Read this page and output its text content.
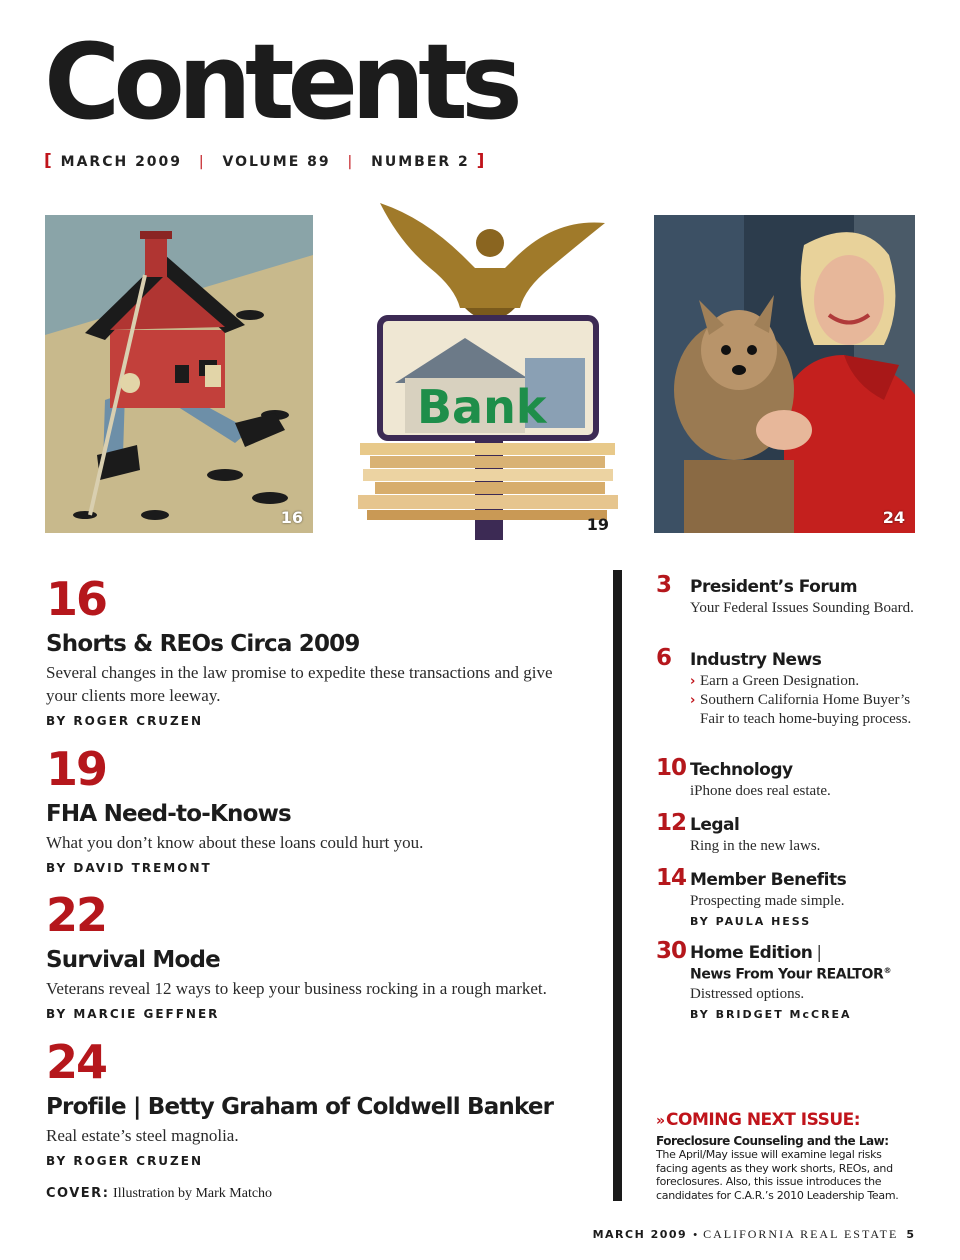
Contents
[ MARCH 2009 | VOLUME 89 | NUMBER 2 ]
16
Bank
19	24
16
Shorts & REOs Circa 2009
Several changes in the law promise to expedite these transactions and give your clients more leeway.
BY ROGER CRUZEN
19
FHA Need-to-Knows
What you don’t know about these loans could hurt you.
BY DAVID TREMONT
22
Survival Mode
Veterans reveal 12 ways to keep your business rocking in a rough market.
BY MARCIE GEFFNER
24
Profile | Betty Graham of Coldwell Banker
Real estate’s steel magnolia.
BY ROGER CRUZEN
COVER: Illustration by Mark Matcho
3	President’s Forum
Your Federal Issues Sounding Board.
6	Industry News
› Earn a Green Designation.
› Southern California Home Buyer’s Fair to teach home-buying process.
10 Technology
iPhone does real estate.
12 Legal
Ring in the new laws.
14 Member Benefits
Prospecting made simple.
BY PAULA HESS
30 Home Edition |
News From Your REALTOR®
Distressed options.
BY BRIDGET McCREA
» COMING NEXT ISSUE:
Foreclosure Counseling and the Law:
The April/May issue will examine legal risks facing agents as they work shorts, REOs, and foreclosures. Also, this issue introduces the candidates for C.A.R.’s 2010 Leadership Team.
MARCH 2009 • CALIFORNIA REAL ESTATE 5
